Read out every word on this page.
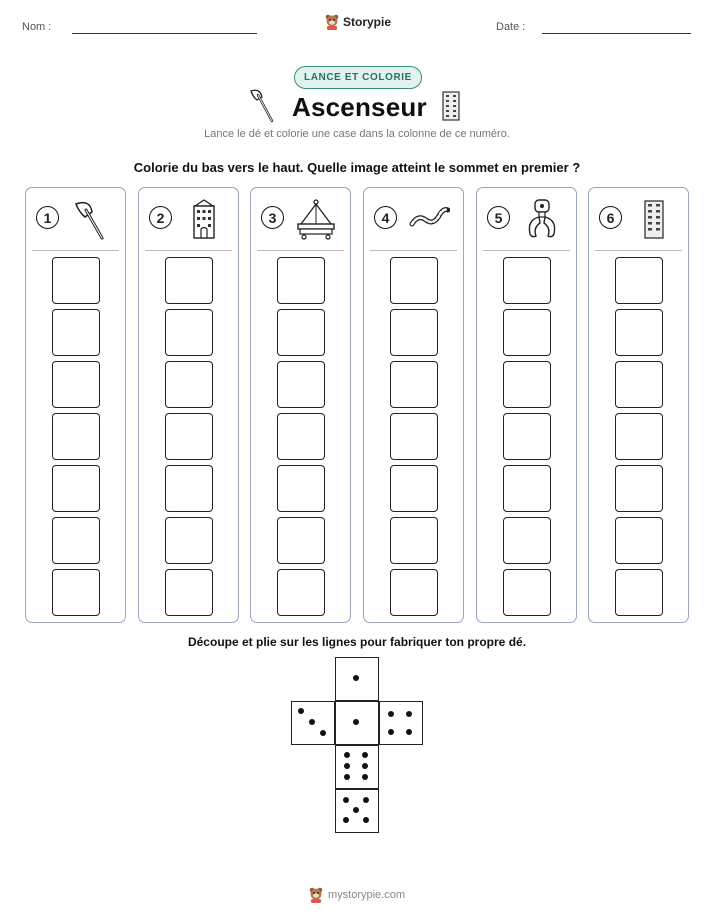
Nom :	Storypie	Date :
LANCE ET COLORIE
Ascenseur
Lance le dé et colorie une case dans la colonne de ce numéro.
Colorie du bas vers le haut. Quelle image atteint le sommet en premier ?
1	2	3	4	5	6
Découpe et plie sur les lignes pour fabriquer ton propre dé.
mystorypie.com
